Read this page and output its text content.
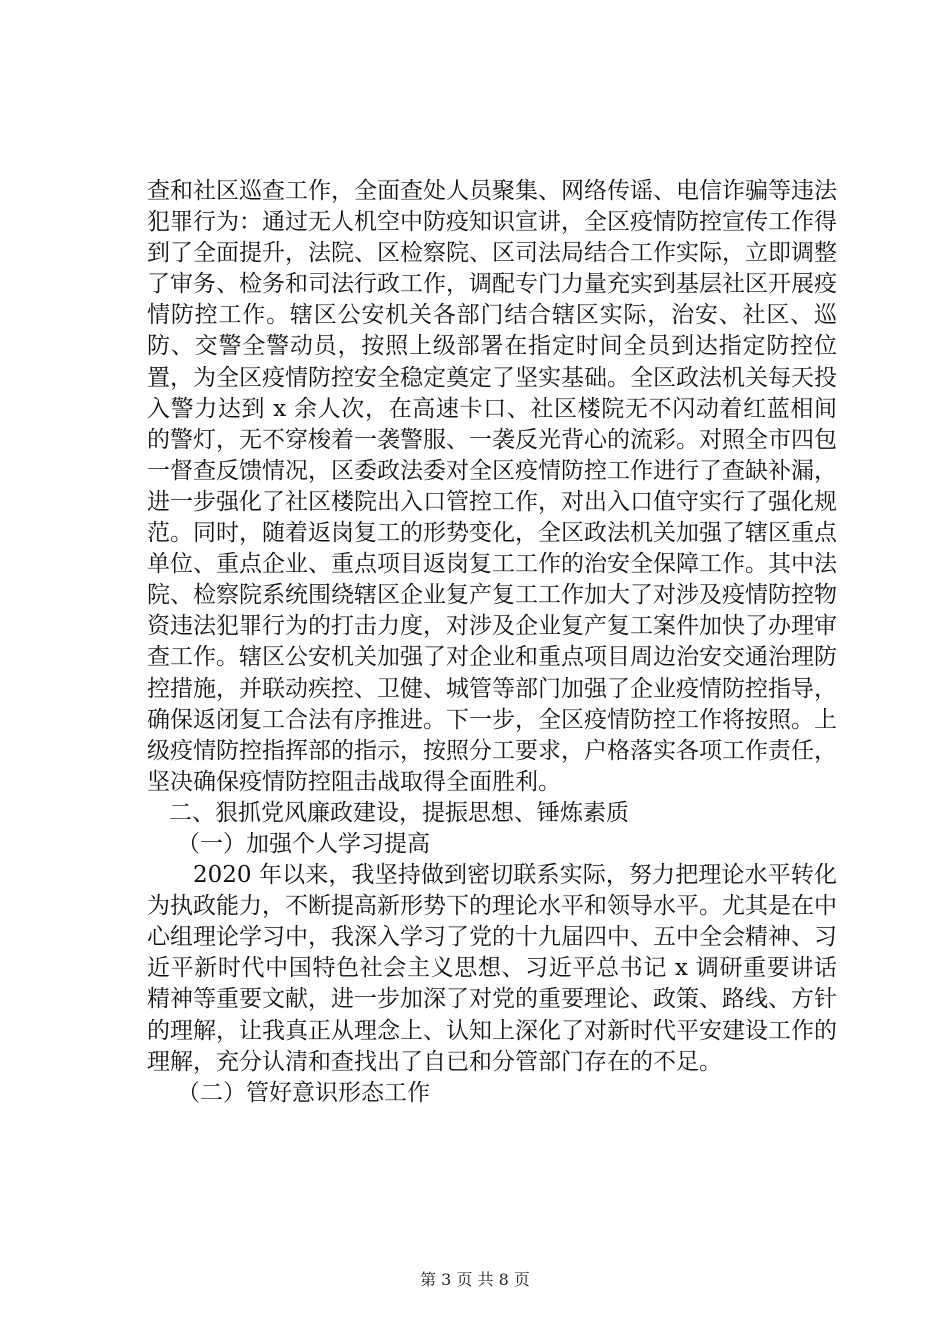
查和社区巡查工作，全面查处人员聚集、网络传谣、电信诈骗等违法犯罪行为：通过无人机空中防疫知识宣讲，全区疫情防控宣传工作得到了全面提升，法院、区检察院、区司法局结合工作实际，立即调整了审务、检务和司法行政工作，调配专门力量充实到基层社区开展疫情防控工作。辖区公安机关各部门结合辖区实际，治安、社区、巡防、交警全警动员，按照上级部署在指定时间全员到达指定防控位置，为全区疫情防控安全稳定奠定了坚实基础。全区政法机关每天投入警力达到 x 余人次，在高速卡口、社区楼院无不闪动着红蓝相间的警灯，无不穿梭着一袭警服、一袭反光背心的流彩。对照全市四包一督查反馈情况，区委政法委对全区疫情防控工作进行了查缺补漏，进一步强化了社区楼院出入口管控工作，对出入口值守实行了强化规范。同时，随着返岗复工的形势变化，全区政法机关加强了辖区重点单位、重点企业、重点项目返岗复工工作的治安全保障工作。其中法院、检察院系统围绕辖区企业复产复工工作加大了对涉及疫情防控物资违法犯罪行为的打击力度，对涉及企业复产复工案件加快了办理审查工作。辖区公安机关加强了对企业和重点项目周边治安交通治理防控措施，并联动疾控、卫健、城管等部门加强了企业疫情防控指导，确保返闭复工合法有序推进。下一步，全区疫情防控工作将按照。上级疫情防控指挥部的指示，按照分工要求，户格落实各项工作责任，坚决确保疫情防控阻击战取得全面胜利。

二、狠抓党风廉政建设，提振思想、锤炼素质

（一）加强个人学习提高

2020 年以来，我坚持做到密切联系实际，努力把理论水平转化为执政能力，不断提高新形势下的理论水平和领导水平。尤其是在中心组理论学习中，我深入学习了党的十九届四中、五中全会精神、习近平新时代中国特色社会主义思想、习近平总书记 x 调研重要讲话精神等重要文献，进一步加深了对党的重要理论、政策、路线、方针的理解，让我真正从理念上、认知上深化了对新时代平安建设工作的理解，充分认清和查找出了自已和分管部门存在的不足。

（二）管好意识形态工作

第 3 页 共 8 页
